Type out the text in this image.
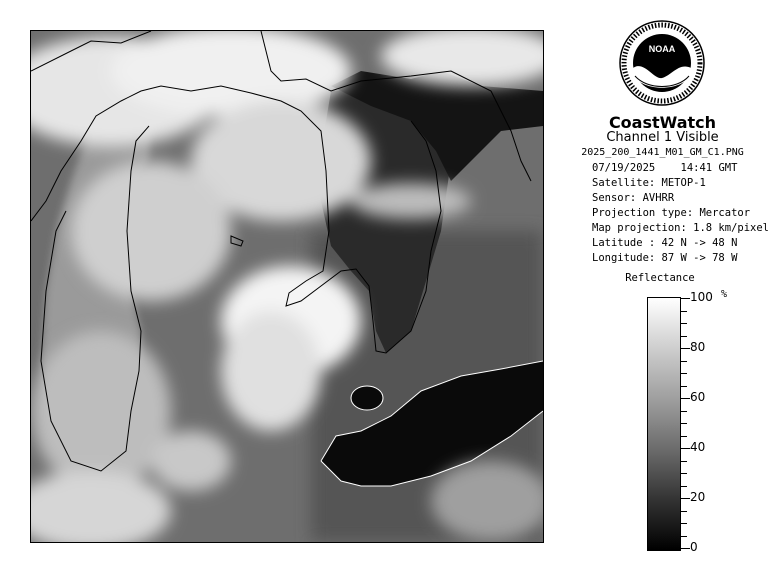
NOAA
CoastWatch
Channel 1 Visible
2025_200_1441_M01_GM_C1.PNG
07/19/2025 14:41 GMT
Satellite: METOP-1
Sensor: AVHRR
Projection type: Mercator
Map projection: 1.8 km/pixel
Latitude : 42 N -> 48 N
Longitude: 87 W -> 78 W
Reflectance
%
100
80
60
40
20
0
